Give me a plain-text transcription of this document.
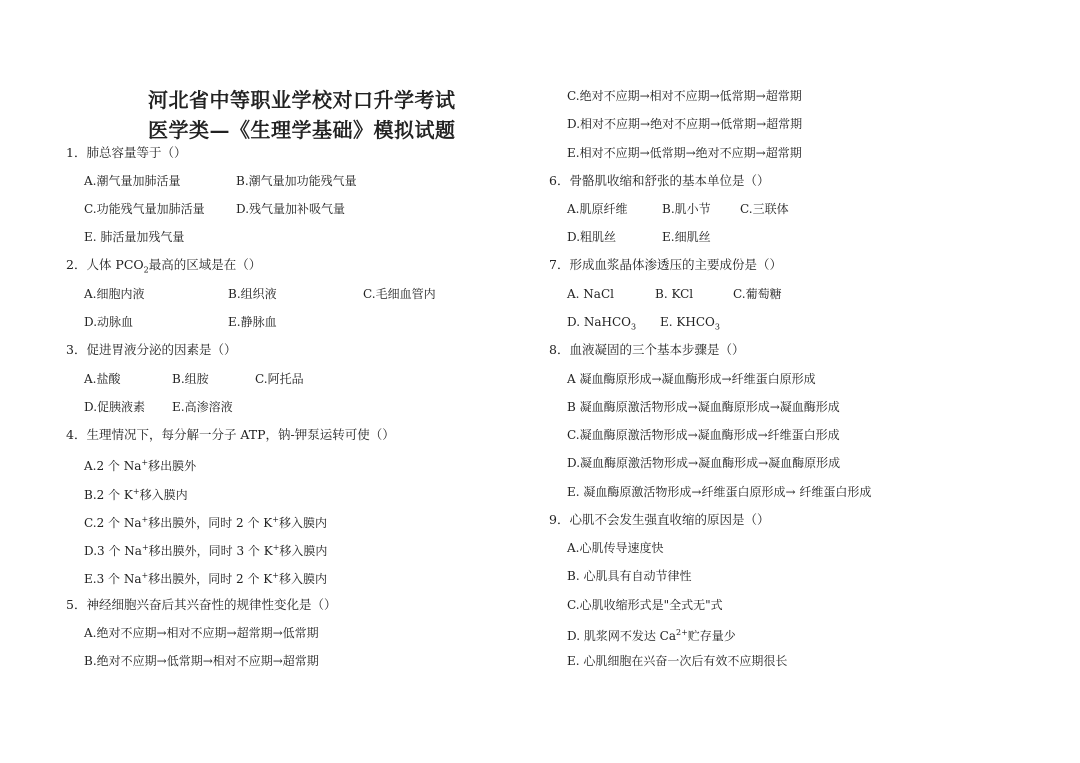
河北省中等职业学校对口升学考试
医学类—《生理学基础》模拟试题
1．肺总容量等于（）
A.潮气量加肺活量	B.潮气量加功能残气量
C.功能残气量加肺活量	D.残气量加补吸气量
E. 肺活量加残气量
2．人体 $PCO_2$最高的区域是在（）
A.细胞内液	B.组织液	C.毛细血管内
D.动脉血	E.静脉血
3．促进胃液分泌的因素是（）
A.盐酸	B.组胺	C.阿托品
D.促胰液素 E.高渗溶液
4．生理情况下，每分解一分子 ATP，钠-钾泵运转可使（）
A.2 个 Na+移出膜外
B.2 个 K+移入膜内
C.2 个 Na+移出膜外，同时 2 个 K+移入膜内
D.3 个 Na+移出膜外，同时 3 个 K+移入膜内
E.3 个 Na+移出膜外，同时 2 个 K+移入膜内
5．神经细胞兴奋后其兴奋性的规律性变化是（）
A.绝对不应期→相对不应期→超常期→低常期
B.绝对不应期→低常期→相对不应期→超常期
C.绝对不应期→相对不应期→低常期→超常期
D.相对不应期→绝对不应期→低常期→超常期
E.相对不应期→低常期→绝对不应期→超常期
6．骨骼肌收缩和舒张的基本单位是（）
A.肌原纤维	B.肌小节 C.三联体
D.粗肌丝	E.细肌丝
7．形成血浆晶体渗透压的主要成份是（）
A. NaCl	B. KCl	C.葡萄糖
D. NaHCO$_3$ E. $KHCO_3$
8．血液凝固的三个基本步骤是（）
A 凝血酶原形成→凝血酶形成→纤维蛋白原形成
B 凝血酶原激活物形成→凝血酶原形成→凝血酶形成
C.凝血酶原激活物形成→凝血酶形成→纤维蛋白形成
D.凝血酶原激活物形成→凝血酶形成→凝血酶原形成
E. 凝血酶原激活物形成→纤维蛋白原形成→ 纤维蛋白形成
9．心肌不会发生强直收缩的原因是（）
A.心肌传导速度快
B. 心肌具有自动节律性
C.心肌收缩形式是"全式无"式
D. 肌浆网不发达 $Ca^{2+}$贮存量少
E. 心肌细胞在兴奋一次后有效不应期很长
